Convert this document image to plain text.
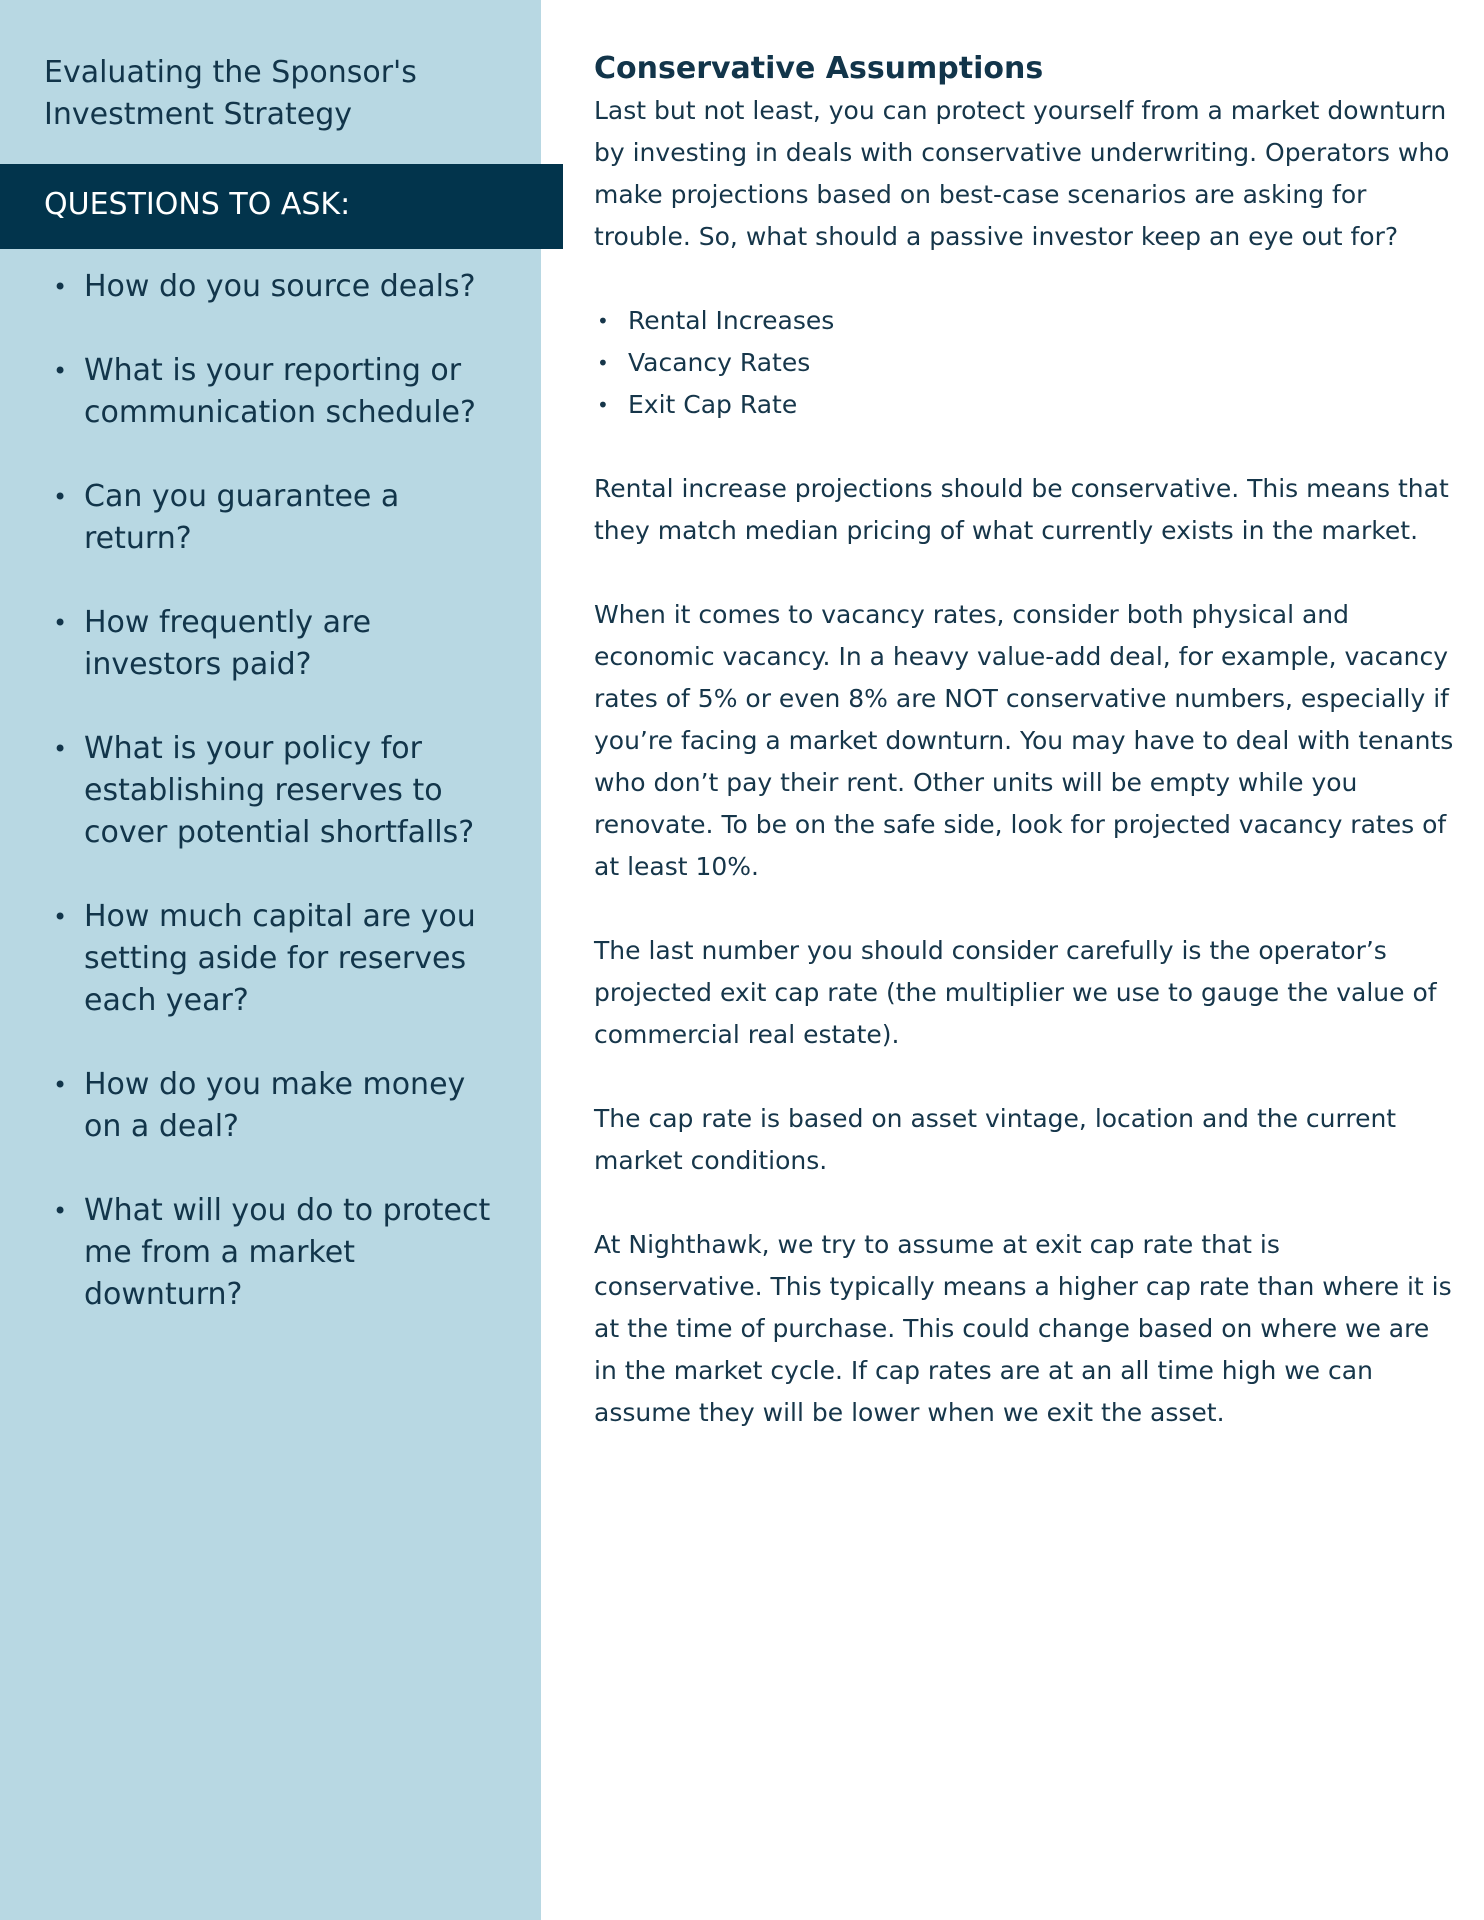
Evaluating the Sponsor's Investment Strategy
QUESTIONS TO ASK:
• How do you source deals?
• What is your reporting or communication schedule?
• Can you guarantee a return?
• How frequently are investors paid?
• What is your policy for establishing reserves to cover potential shortfalls?
• How much capital are you setting aside for reserves each year?
• How do you make money on a deal?
• What will you do to protect me from a market downturn?
Conservative Assumptions

Last but not least, you can protect yourself from a market downturn by investing in deals with conservative underwriting. Operators who make projections based on best-case scenarios are asking for trouble. So, what should a passive investor keep an eye out for?

• Rental Increases
• Vacancy Rates
• Exit Cap Rate

Rental increase projections should be conservative. This means that they match median pricing of what currently exists in the market.

When it comes to vacancy rates, consider both physical and economic vacancy. In a heavy value-add deal, for example, vacancy rates of 5% or even 8% are NOT conservative numbers, especially if you’re facing a market downturn. You may have to deal with tenants who don’t pay their rent. Other units will be empty while you renovate. To be on the safe side, look for projected vacancy rates of at least 10%.

The last number you should consider carefully is the operator’s projected exit cap rate (the multiplier we use to gauge the value of commercial real estate).

The cap rate is based on asset vintage, location and the current market conditions.

At Nighthawk, we try to assume at exit cap rate that is conservative. This typically means a higher cap rate than where it is at the time of purchase. This could change based on where we are in the market cycle. If cap rates are at an all time high we can assume they will be lower when we exit the asset.
